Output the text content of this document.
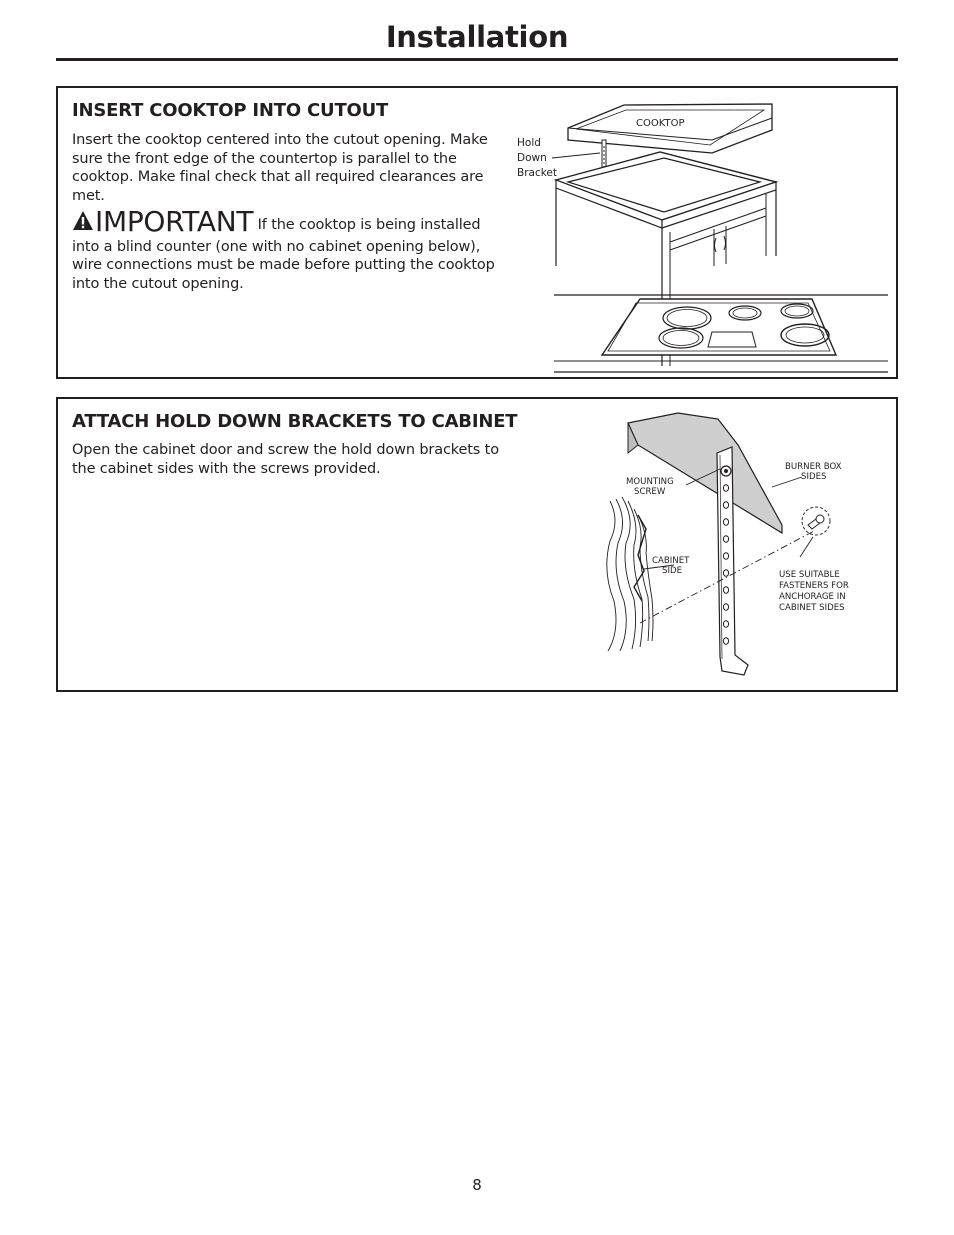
Installation
INSERT COOKTOP INTO CUTOUT
Insert the cooktop centered into the cutout opening. Make sure the front edge of the countertop is parallel to the cooktop. Make final check that all required clearances are met.
IMPORTANT If the cooktop is being installed into a blind counter (one with no cabinet opening below), wire connections must be made before putting the cooktop into the cutout opening.
COOKTOP
Hold
Down
Bracket
ATTACH HOLD DOWN BRACKETS TO CABINET
Open the cabinet door and screw the hold down brackets to the cabinet sides with the screws provided.
MOUNTING
SCREW
BURNER BOX
SIDES
CABINET
SIDE	USE SUITABLE
FASTENERS FOR
ANCHORAGE IN
CABINET SIDES
8
